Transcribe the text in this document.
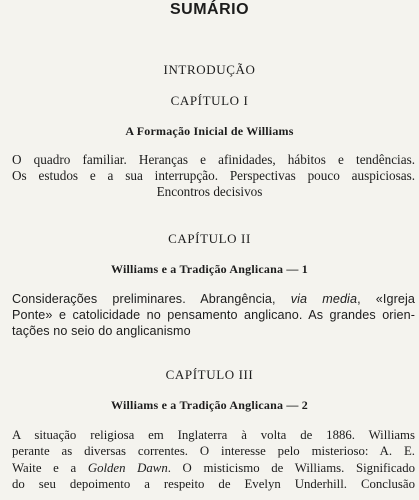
SUMÁRIO
INTRODUÇÃO
CAPÍTULO I
A Formação Inicial de Williams
O quadro familiar. Heranças e afinidades, hábitos e tendências.
Os estudos e a sua interrupção. Perspectivas pouco auspiciosas.
Encontros decisivos
CAPÍTULO II
Williams e a Tradição Anglicana — 1
Considerações preliminares. Abrangência, via media, «Igreja
Ponte» e catolicidade no pensamento anglicano. As grandes orien-
tações no seio do anglicanismo
CAPÍTULO III
Williams e a Tradição Anglicana — 2
A situação religiosa em Inglaterra à volta de 1886. Williams
perante as diversas correntes. O interesse pelo misterioso: A. E.
Waite e a Golden Dawn. O misticismo de Williams. Significado
do seu depoimento a respeito de Evelyn Underhill. Conclusão
